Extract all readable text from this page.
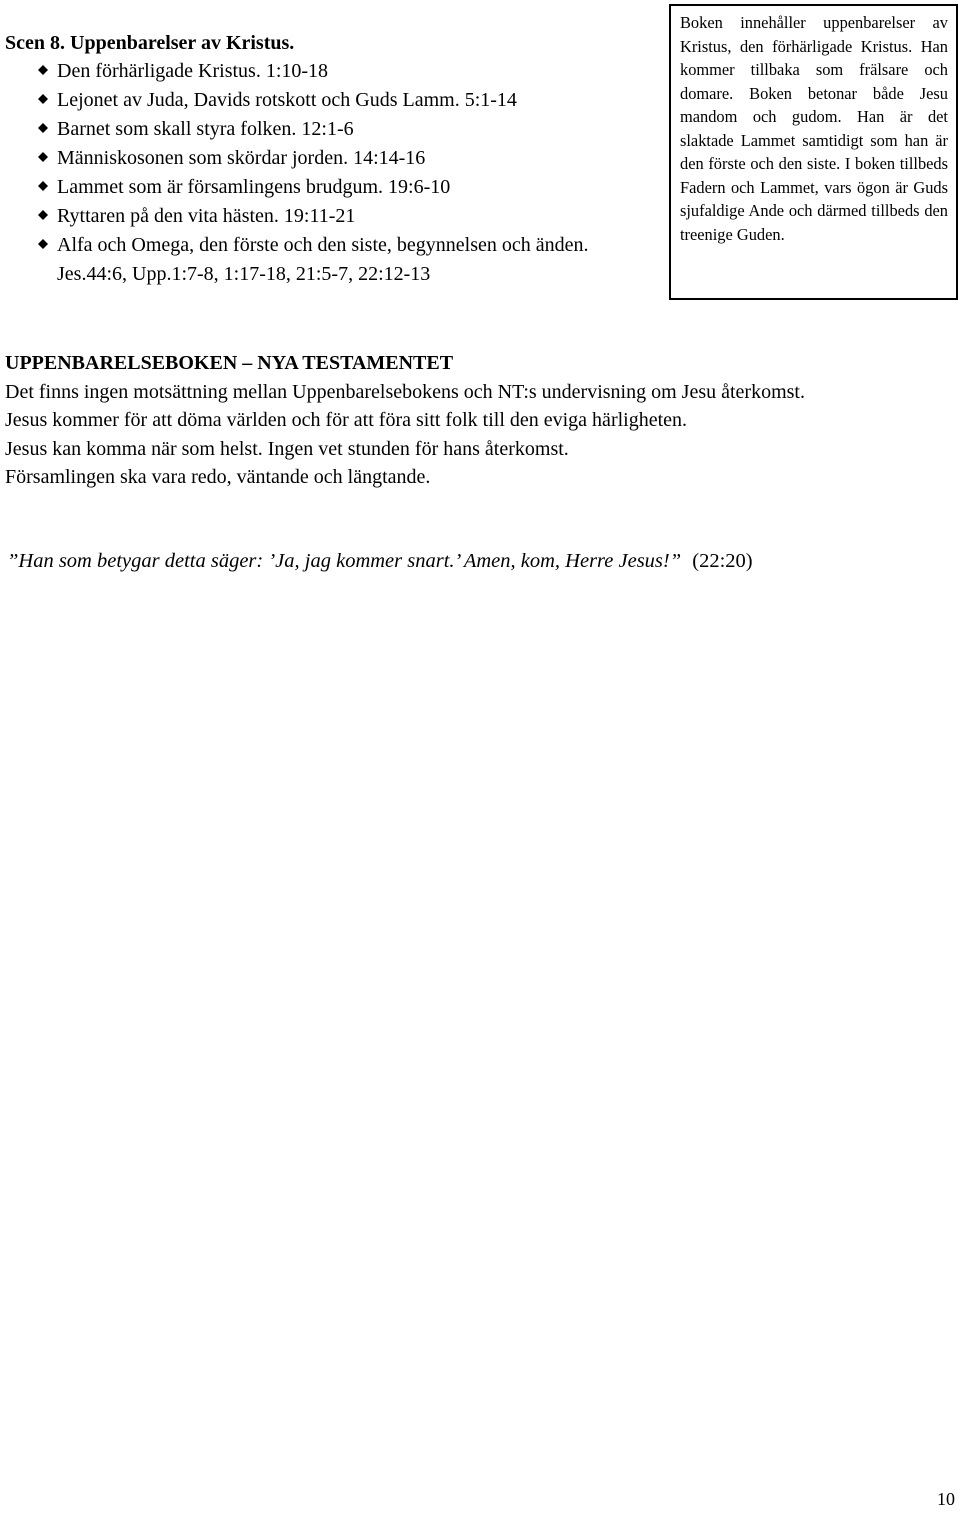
Scen 8. Uppenbarelser av Kristus.
Den förhärligade Kristus. 1:10-18
Lejonet av Juda, Davids rotskott och Guds Lamm. 5:1-14
Barnet som skall styra folken. 12:1-6
Människosonen som skördar jorden. 14:14-16
Lammet som är församlingens brudgum. 19:6-10
Ryttaren på den vita hästen. 19:11-21
Alfa och Omega, den förste och den siste, begynnelsen och änden. Jes.44:6, Upp.1:7-8, 1:17-18, 21:5-7, 22:12-13

Boken innehåller uppenbarelser av Kristus, den förhärligade Kristus. Han kommer tillbaka som frälsare och domare. Boken betonar både Jesu mandom och gudom. Han är det slaktade Lammet samtidigt som han är den förste och den siste. I boken tillbeds Fadern och Lammet, vars ögon är Guds sjufaldige Ande och därmed tillbeds den treenige Guden.

UPPENBARELSEBOKEN – NYA TESTAMENTET

Det finns ingen motsättning mellan Uppenbarelsebokens och NT:s undervisning om Jesu återkomst.

Jesus kommer för att döma världen och för att föra sitt folk till den eviga härligheten.

Jesus kan komma när som helst. Ingen vet stunden för hans återkomst.

Församlingen ska vara redo, väntande och längtande.

”Han som betygar detta säger: ’Ja, jag kommer snart.’ Amen, kom, Herre Jesus!” (22:20)
10
